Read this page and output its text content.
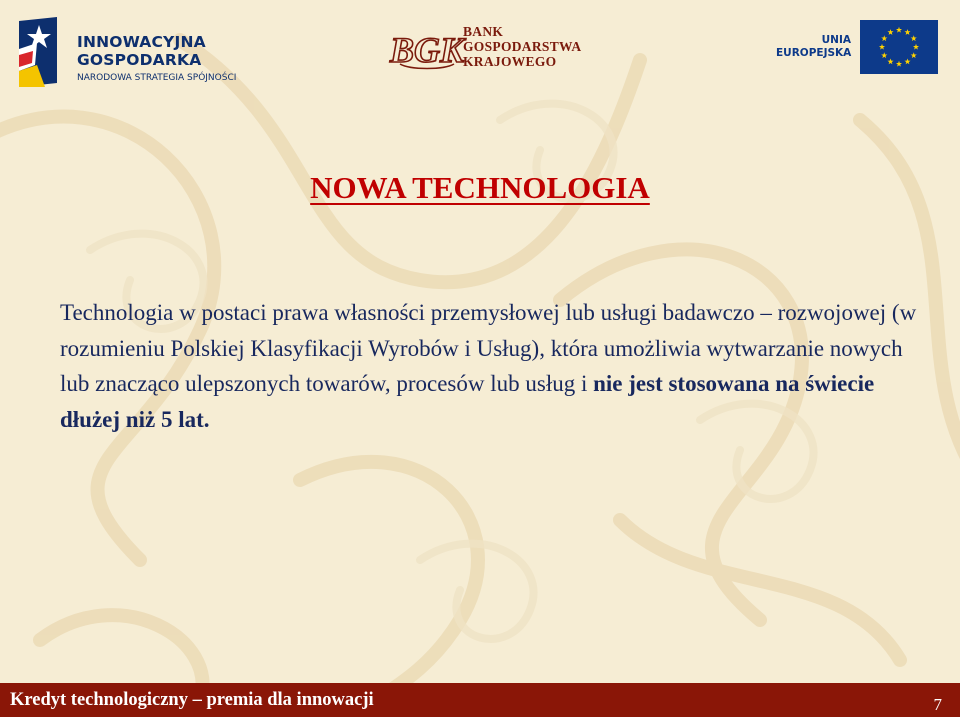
INNOWACYJNA
GOSPODARKA
NARODOWA STRATEGIA SPÓJNOŚCI
BGK
BANK
GOSPODARSTWA
KRAJOWEGO
UNIA
EUROPEJSKA
NOWA TECHNOLOGIA

Technologia w postaci prawa własności przemysłowej lub usługi badawczo – rozwojowej (w rozumieniu Polskiej Klasyfikacji Wyrobów i Usług), która umożliwia wytwarzanie nowych lub znacząco ulepszonych towarów, procesów lub usług i nie jest stosowana na świecie dłużej niż 5 lat.

Kredyt technologiczny – premia dla innowacji	7
